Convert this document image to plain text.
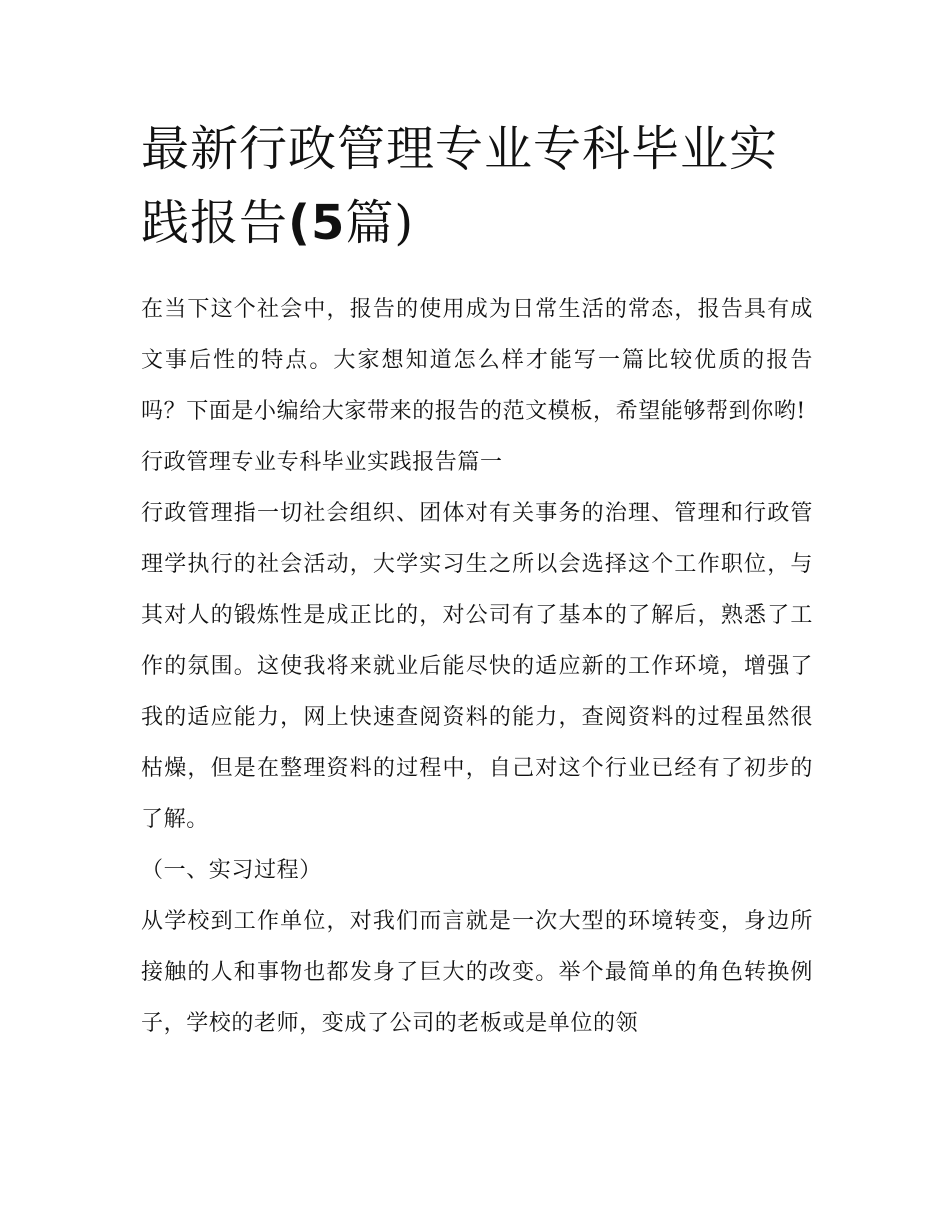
最新行政管理专业专科毕业实践报告(5篇)

在当下这个社会中，报告的使用成为日常生活的常态，报告具有成文事后性的特点。大家想知道怎么样才能写一篇比较优质的报告吗？下面是小编给大家带来的报告的范文模板，希望能够帮到你哟!

行政管理专业专科毕业实践报告篇一

行政管理指一切社会组织、团体对有关事务的治理、管理和行政管理学执行的社会活动，大学实习生之所以会选择这个工作职位，与其对人的锻炼性是成正比的，对公司有了基本的了解后，熟悉了工作的氛围。这使我将来就业后能尽快的适应新的工作环境，增强了我的适应能力，网上快速查阅资料的能力，查阅资料的过程虽然很枯燥，但是在整理资料的过程中，自己对这个行业已经有了初步的了解。

（一、实习过程）

从学校到工作单位，对我们而言就是一次大型的环境转变，身边所接触的人和事物也都发身了巨大的改变。举个最简单的角色转换例子，学校的老师，变成了公司的老板或是单位的领
